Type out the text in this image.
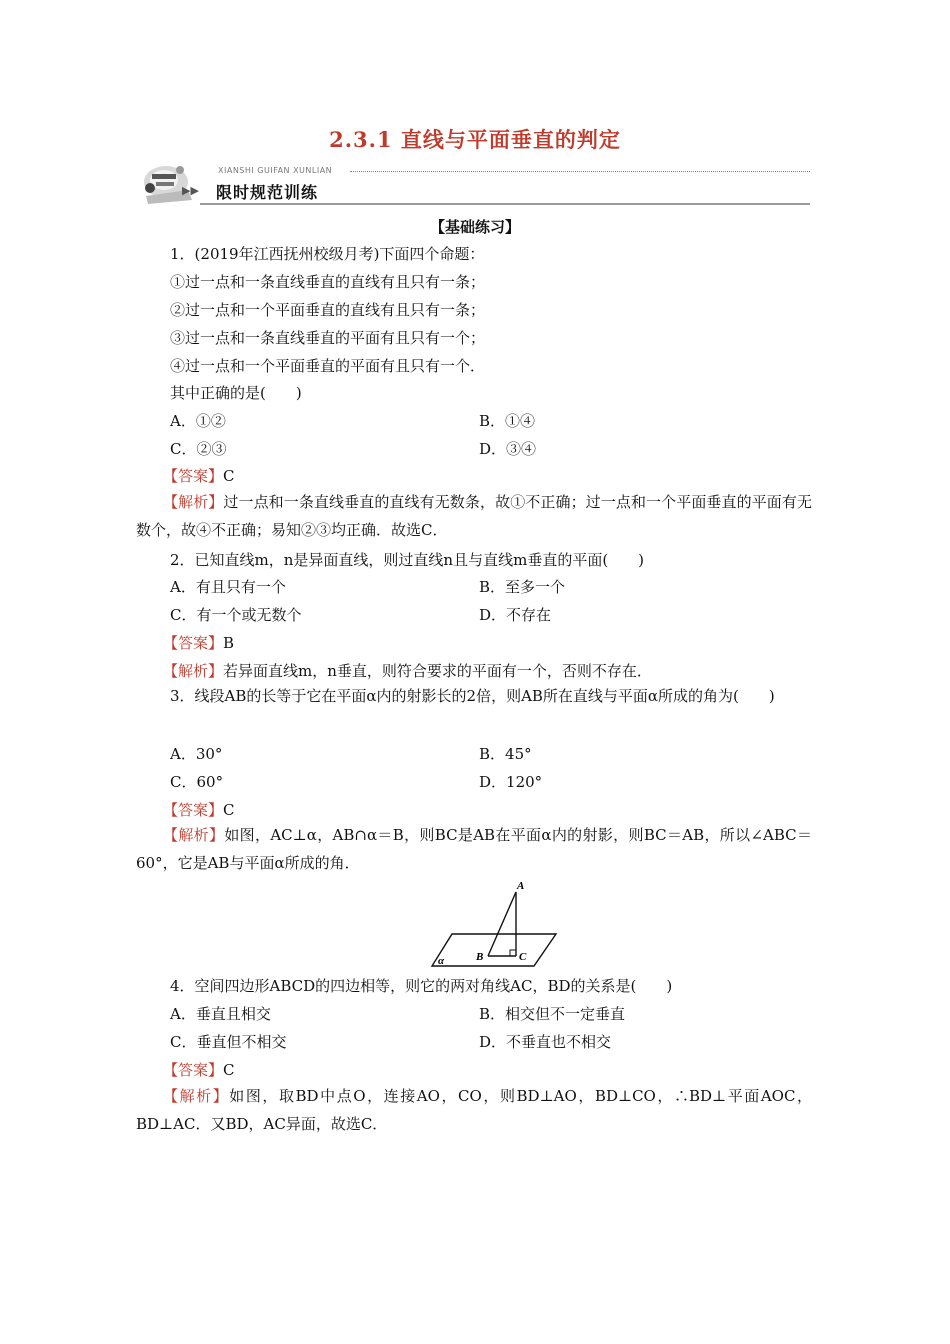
2.3.1 直线与平面垂直的判定
▶▶
XIANSHI GUIFAN XUNLIAN
限时规范训练
【基础练习】
1．(2019年江西抚州校级月考)下面四个命题：
①过一点和一条直线垂直的直线有且只有一条；
②过一点和一个平面垂直的直线有且只有一条；
③过一点和一条直线垂直的平面有且只有一个；
④过一点和一个平面垂直的平面有且只有一个．
其中正确的是(　　)
A．①②	B．①④
C．②③	D．③④
【答案】C
【解析】过一点和一条直线垂直的直线有无数条，故①不正确；过一点和一个平面垂直的平面有无数个，故④不正确；易知②③均正确．故选C．
2．已知直线m，n是异面直线，则过直线n且与直线m垂直的平面(　　)
A．有且只有一个	B．至多一个
C．有一个或无数个	D．不存在
【答案】B
【解析】若异面直线m，n垂直，则符合要求的平面有一个，否则不存在．
3．线段AB的长等于它在平面α内的射影长的2倍，则AB所在直线与平面α所成的角为(　　)
A．30°	B．45°
C．60°	D．120°
【答案】C
【解析】如图，AC⊥α，AB∩α＝B，则BC是AB在平面α内的射影，则BC＝AB，所以∠ABC＝60°，它是AB与平面α所成的角．
A
B	C
α
4．空间四边形ABCD的四边相等，则它的两对角线AC，BD的关系是(　　)
A．垂直且相交	B．相交但不一定垂直
C．垂直但不相交	D．不垂直也不相交
【答案】C
【解析】如图，取BD中点O，连接AO，CO，则BD⊥AO，BD⊥CO，∴BD⊥平面AOC，BD⊥AC．又BD，AC异面，故选C．
